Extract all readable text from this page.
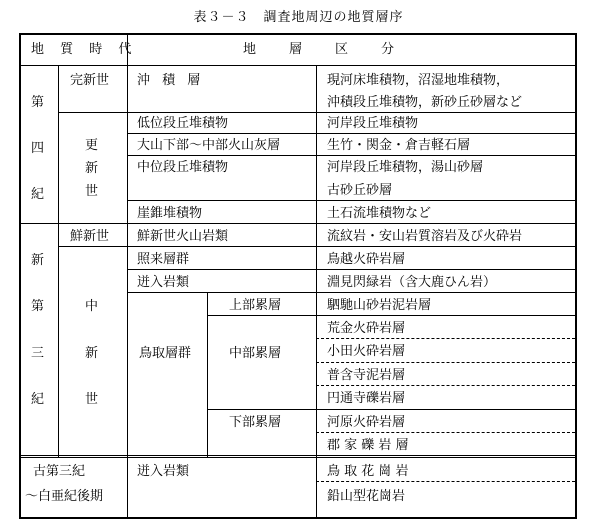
表３－３　調査地周辺の地質層序
地 質 時 代	地　層　区　分
第
四
紀
完新世
更
新
世
沖 積 層
低位段丘堆積物
大山下部～中部火山灰層
中位段丘堆積物
崖錐堆積物
現河床堆積物，沼湿地堆積物，
沖積段丘堆積物，新砂丘砂層など
河岸段丘堆積物
生竹・関金・倉吉軽石層
河岸段丘堆積物，湯山砂層
古砂丘砂層
土石流堆積物など
新
第
三
紀
鮮新世
中
新
世
鮮新世火山岩類
照来層群
迸入岩類
鳥取層群
上部累層
中部累層
下部累層
流紋岩・安山岩質溶岩及び火砕岩
鳥越火砕岩層
淵見閃緑岩（含大鹿ひん岩）
駟馳山砂岩泥岩層
荒金火砕岩層
小田火砕岩層
普含寺泥岩層
円通寺礫岩層
河原火砕岩層
郡 家 礫 岩 層
古第三紀
～白亜紀後期
迸入岩類	鳥 取 花 崗 岩
鉛山型花崗岩
